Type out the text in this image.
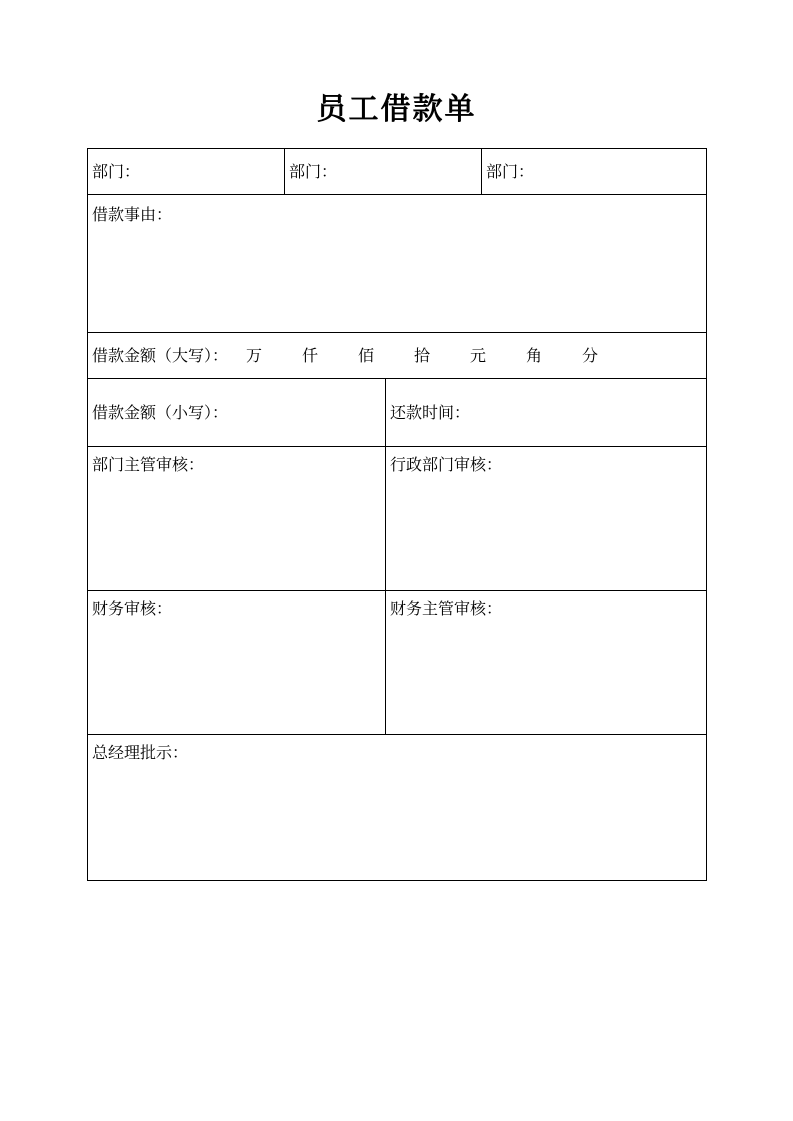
员工借款单
部门：	部门：		部门：
借款事由：			
借款金额（大写）： 万 仟 佰 拾 元 角 分			
借款金额（小写）：		还款时间：	
部门主管审核：		行政部门审核：	
财务审核：		财务主管审核：	
总经理批示：			
